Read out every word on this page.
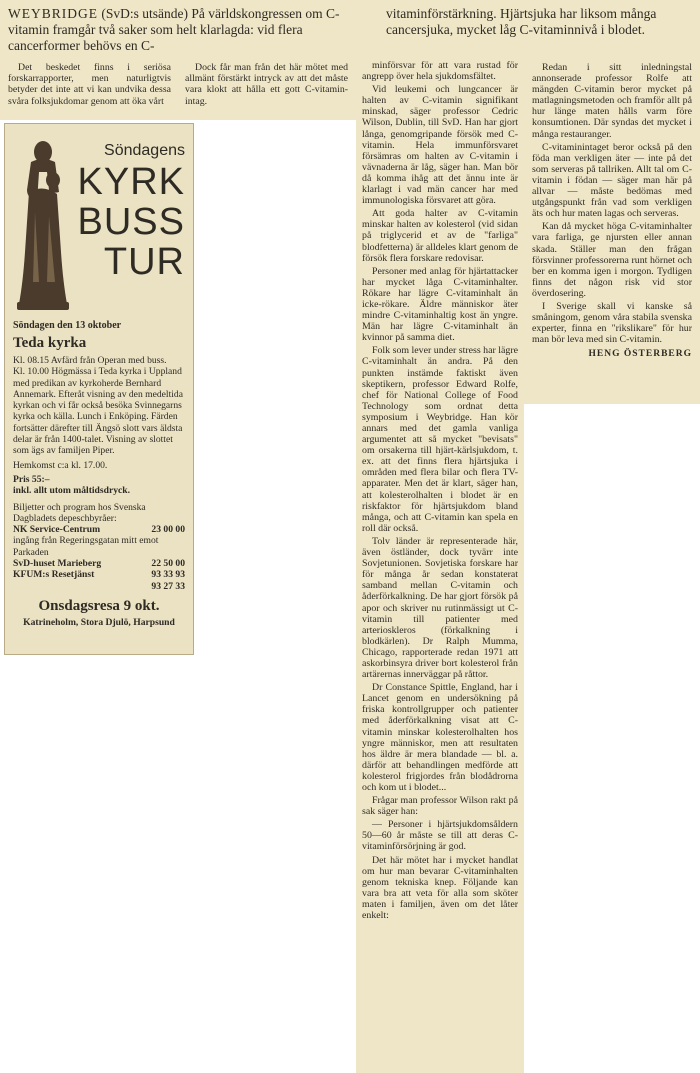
WEYBRIDGE (SvD:s utsände) På världskongressen om C-vitamin framgår två saker som helt klarlagda: vid flera cancerformer behövs en C-

vitaminförstärkning. Hjärtsjuka har liksom många cancersjuka, mycket låg C-vitaminnivå i blodet.

Det beskedet finns i seriösa forskarrapporter, men naturligtvis betyder det inte att vi kan undvika dessa svåra folksjukdomar genom att öka vårt

Dock får man från det här mötet med allmänt förstärkt intryck av att det måste vara klokt att hålla ett gott C-vitamin-intag.

minförsvar för att vara rustad för angrepp över hela sjukdomsfältet.

Vid leukemi och lungcancer är halten av C-vitamin signifikant minskad, säger professor Cedric Wilson, Dublin, till SvD. Han har gjort långa, genomgripande försök med C-vitamin. Hela immunförsvaret försämras om halten av C-vitamin i vävnaderna är låg, säger han. Man bör då komma ihåg att det ännu inte är klarlagt i vad män cancer har med immunologiska försvaret att göra.

Att goda halter av C-vitamin minskar halten av kolesterol (vid sidan på triglycerid et av de "farliga" blodfetterna) är alldeles klart genom de försök flera forskare redovisar.

Personer med anlag för hjärtattacker har mycket låga C-vitaminhalter. Rökare har lägre C-vitaminhalt än icke-rökare. Äldre människor äter mindre C-vitaminhaltig kost än yngre. Män har lägre C-vitaminhalt än kvinnor på samma diet.

Folk som lever under stress har lägre C-vitaminhalt än andra. På den punkten instämde faktiskt även skeptikern, professor Edward Rolfe, chef för National College of Food Technology som ordnat detta symposium i Weybridge. Han kör annars med det gamla vanliga argumentet att så mycket "bevisats" om orsakerna till hjärt-kärlsjukdom, t. ex. att det finns flera hjärtsjuka i områden med flera bilar och flera TV-apparater. Men det är klart, säger han, att kolesterolhalten i blodet är en riskfaktor för hjärtsjukdom bland många, och att C-vitamin kan spela en roll där också.

Tolv länder är representerade här, även östländer, dock tyvärr inte Sovjetunionen. Sovjetiska forskare har för många år sedan konstaterat samband mellan C-vitamin och åderförkalkning. De har gjort försök på apor och skriver nu rutinmässigt ut C-vitamin till patienter med arterioskleros (förkalkning i blodkärlen). Dr Ralph Mumma, Chicago, rapporterade redan 1971 att askorbinsyra driver bort kolesterol från artärernas innerväggar på råttor.

Dr Constance Spittle, England, har i Lancet genom en undersökning på friska kontrollgrupper och patienter med åderförkalkning visat att C-vitamin minskar kolesterolhalten hos yngre människor, men att resultaten hos äldre är mera blandade — bl. a. därför att behandlingen medförde att kolesterol frigjordes från blodådrorna och kom ut i blodet...

Frågar man professor Wilson rakt på sak säger han:

— Personer i hjärtsjukdomsåldern 50—60 år måste se till att deras C-vitaminförsörjning är god.

Det här mötet har i mycket handlat om hur man bevarar C-vitaminhalten genom tekniska knep. Följande kan vara bra att veta för alla som sköter maten i familjen, även om det låter enkelt:

Redan i sitt inledningstal annonserade professor Rolfe att mängden C-vitamin beror mycket på matlagningsmetoden och framför allt på hur länge maten hålls varm före konsumtionen. Där syndas det mycket i många restauranger.

C-vitaminintaget beror också på den föda man verkligen äter — inte på det som serveras på tallriken. Allt tal om C-vitamin i födan — säger man här på allvar — måste bedömas med utgångspunkt från vad som verkligen äts och hur maten lagas och serveras.

Kan då mycket höga C-vitaminhalter vara farliga, ge njursten eller annan skada. Ställer man den frågan försvinner professorerna runt hörnet och ber en komma igen i morgon. Tydligen finns det någon risk vid stor överdosering.

I Sverige skall vi kanske så småningom, genom våra stabila svenska experter, finna en "rikslikare" för hur man bör leva med sin C-vitamin.

HENG ÖSTERBERG

Söndagens

KYRK

BUSS

TUR

Söndagen den 13 oktober

Teda kyrka

Kl. 08.15 Avfärd från Operan med buss.

Kl. 10.00 Högmässa i Teda kyrka i Uppland med predikan av kyrkoherde Bernhard Annemark. Efteråt visning av den medeltida kyrkan och vi får också besöka Svinnegarns kyrka och källa. Lunch i Enköping. Färden fortsätter därefter till Ängsö slott vars äldsta delar är från 1400-talet. Visning av slottet som ägs av familjen Piper.

Hemkomst c:a kl. 17.00.

Pris 55:–

inkl. allt utom måltidsdryck.

Biljetter och program hos Svenska Dagbladets depeschbyråer:

NK Service-Centrum	23 00 00
ingång från Regeringsgatan mitt emot Parkaden
SvD-huset Marieberg	22 50 00
KFUM:s Resetjänst	93 33 93
93 27 33

Onsdagsresa 9 okt.

Katrineholm, Stora Djulö, Harpsund
